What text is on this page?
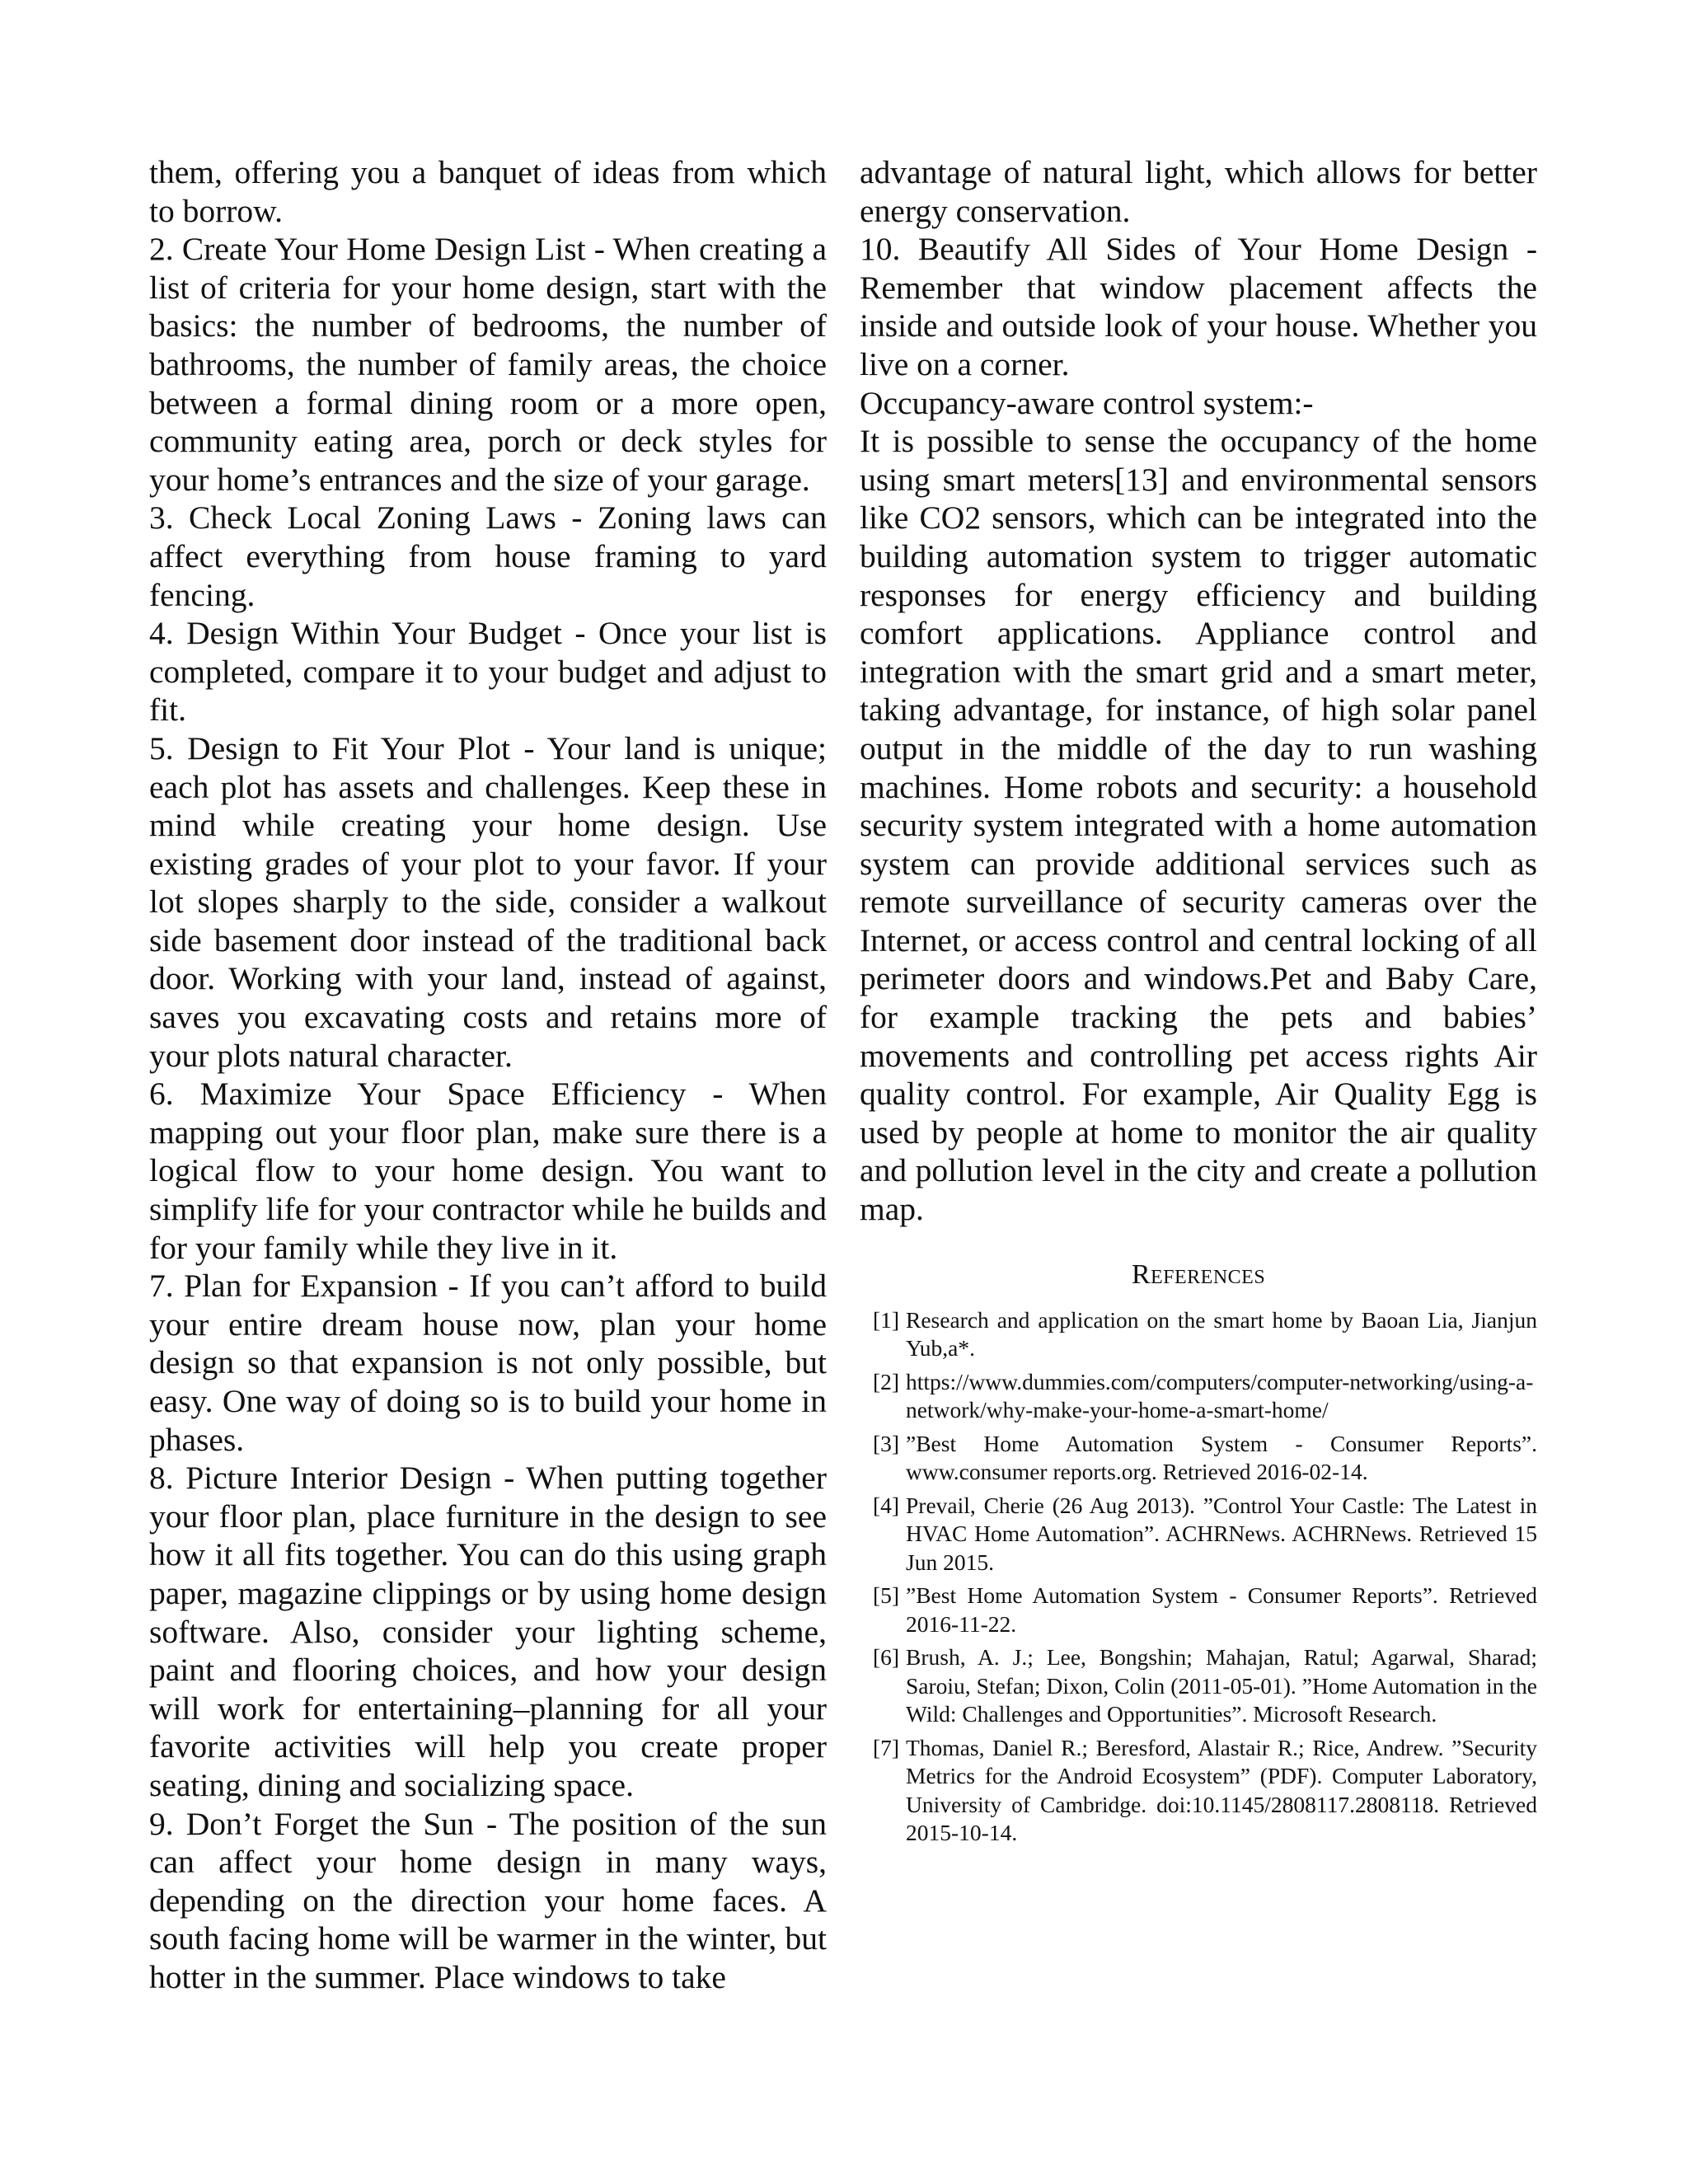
them, offering you a banquet of ideas from which to borrow.

2. Create Your Home Design List - When creating a list of criteria for your home design, start with the basics: the number of bedrooms, the number of bathrooms, the number of family areas, the choice between a formal dining room or a more open, community eating area, porch or deck styles for your home’s entrances and the size of your garage.

3. Check Local Zoning Laws - Zoning laws can affect everything from house framing to yard fencing.

4. Design Within Your Budget - Once your list is completed, compare it to your budget and adjust to fit.

5. Design to Fit Your Plot - Your land is unique; each plot has assets and challenges. Keep these in mind while creating your home design. Use existing grades of your plot to your favor. If your lot slopes sharply to the side, consider a walkout side basement door instead of the traditional back door. Working with your land, instead of against, saves you excavating costs and retains more of your plots natural character.

6. Maximize Your Space Efficiency - When mapping out your floor plan, make sure there is a logical flow to your home design. You want to simplify life for your contractor while he builds and for your family while they live in it.

7. Plan for Expansion - If you can’t afford to build your entire dream house now, plan your home design so that expansion is not only possible, but easy. One way of doing so is to build your home in phases.

8. Picture Interior Design - When putting together your floor plan, place furniture in the design to see how it all fits together. You can do this using graph paper, magazine clippings or by using home design software. Also, consider your lighting scheme, paint and flooring choices, and how your design will work for entertaining–planning for all your favorite activities will help you create proper seating, dining and socializing space.

9. Don’t Forget the Sun - The position of the sun can affect your home design in many ways, depending on the direction your home faces. A south facing home will be warmer in the winter, but hotter in the summer. Place windows to take

advantage of natural light, which allows for better energy conservation.

10. Beautify All Sides of Your Home Design - Remember that window placement affects the inside and outside look of your house. Whether you live on a corner.

Occupancy-aware control system:-

It is possible to sense the occupancy of the home using smart meters[13] and environmental sensors like CO2 sensors, which can be integrated into the building automation system to trigger automatic responses for energy efficiency and building comfort applications. Appliance control and integration with the smart grid and a smart meter, taking advantage, for instance, of high solar panel output in the middle of the day to run washing machines. Home robots and security: a household security system integrated with a home automation system can provide additional services such as remote surveillance of security cameras over the Internet, or access control and central locking of all perimeter doors and windows.Pet and Baby Care, for example tracking the pets and babies’ movements and controlling pet access rights Air quality control. For example, Air Quality Egg is used by people at home to monitor the air quality and pollution level in the city and create a pollution map.

References
[1] Research and application on the smart home by Baoan Lia, Jianjun Yub,a*.
[2] https://www.dummies.com/computers/computer-networking/using-a-network/why-make-your-home-a-smart-home/
[3] ”Best Home Automation System - Consumer Reports”. www.consumer reports.org. Retrieved 2016-02-14.
[4] Prevail, Cherie (26 Aug 2013). ”Control Your Castle: The Latest in HVAC Home Automation”. ACHRNews. ACHRNews. Retrieved 15 Jun 2015.
[5] ”Best Home Automation System - Consumer Reports”. Retrieved 2016-11-22.
[6] Brush, A. J.; Lee, Bongshin; Mahajan, Ratul; Agarwal, Sharad; Saroiu, Stefan; Dixon, Colin (2011-05-01). ”Home Automation in the Wild: Challenges and Opportunities”. Microsoft Research.
[7] Thomas, Daniel R.; Beresford, Alastair R.; Rice, Andrew. ”Security Metrics for the Android Ecosystem” (PDF). Computer Laboratory, University of Cambridge. doi:10.1145/2808117.2808118. Retrieved 2015-10-14.
